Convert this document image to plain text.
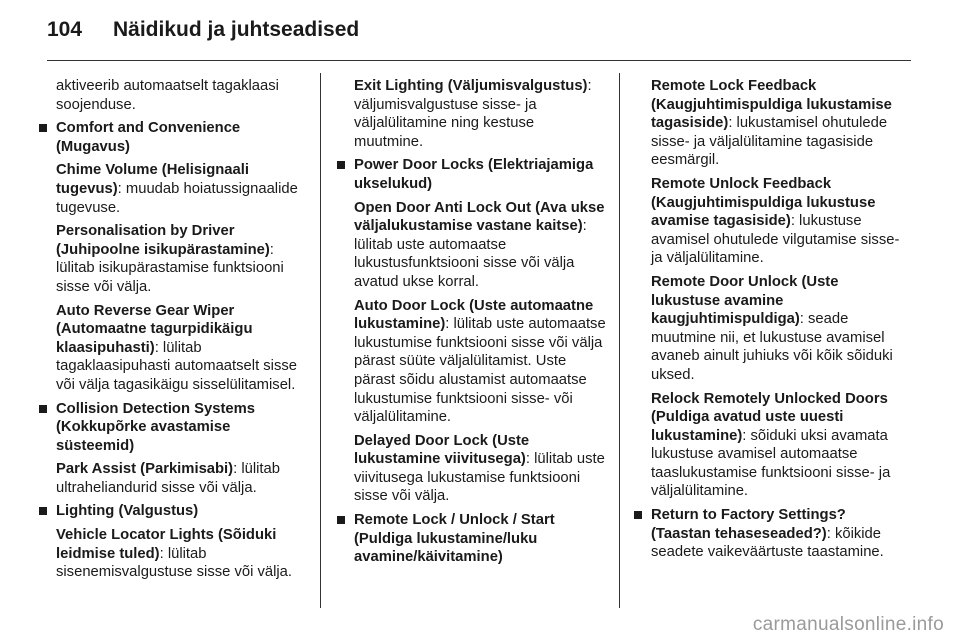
104 Näidikud ja juhtseadised

aktiveerib automaatselt tagaklaasi soojenduse.

Comfort and Convenience (Mugavus)

Chime Volume (Helisignaali tugevus): muudab hoiatussignaalide tugevuse.

Personalisation by Driver (Juhipoolne isikupärastamine): lülitab isikupärastamise funktsiooni sisse või välja.

Auto Reverse Gear Wiper (Automaatne tagurpidikäigu klaasipuhasti): lülitab tagaklaasipuhasti automaatselt sisse või välja tagasikäigu sisselülitamisel.

Collision Detection Systems (Kokkupõrke avastamise süsteemid)

Park Assist (Parkimisabi): lülitab ultraheliandurid sisse või välja.

Lighting (Valgustus)

Vehicle Locator Lights (Sõiduki leidmise tuled): lülitab sisenemisvalgustuse sisse või välja.

Exit Lighting (Väljumisvalgustus): väljumisvalgustuse sisse- ja väljalülitamine ning kestuse muutmine.

Power Door Locks (Elektriajamiga ukselukud)

Open Door Anti Lock Out (Ava ukse väljalukustamise vastane kaitse): lülitab uste automaatse lukustusfunktsiooni sisse või välja avatud ukse korral.

Auto Door Lock (Uste automaatne lukustamine): lülitab uste automaatse lukustumise funktsiooni sisse või välja pärast süüte väljalülitamist. Uste pärast sõidu alustamist automaatse lukustumise funktsiooni sisse- või väljalülitamine.

Delayed Door Lock (Uste lukustamine viivitusega): lülitab uste viivitusega lukustamise funktsiooni sisse või välja.

Remote Lock / Unlock / Start (Puldiga lukustamine/luku avamine/käivitamine)

Remote Lock Feedback (Kaugjuhtimispuldiga lukustamise tagasiside): lukustamisel ohutulede sisse- ja väljalülitamine tagasiside eesmärgil.

Remote Unlock Feedback (Kaugjuhtimispuldiga lukustuse avamise tagasiside): lukustuse avamisel ohutulede vilgutamise sisse- ja väljalülitamine.

Remote Door Unlock (Uste lukustuse avamine kaugjuhtimispuldiga): seade muutmine nii, et lukustuse avamisel avaneb ainult juhiuks või kõik sõiduki uksed.

Relock Remotely Unlocked Doors (Puldiga avatud uste uuesti lukustamine): sõiduki uksi avamata lukustuse avamisel automaatse taaslukustamise funktsiooni sisse- ja väljalülitamine.

Return to Factory Settings? (Taastan tehaseseaded?): kõikide seadete vaikeväärtuste taastamine.

carmanualsonline.info
